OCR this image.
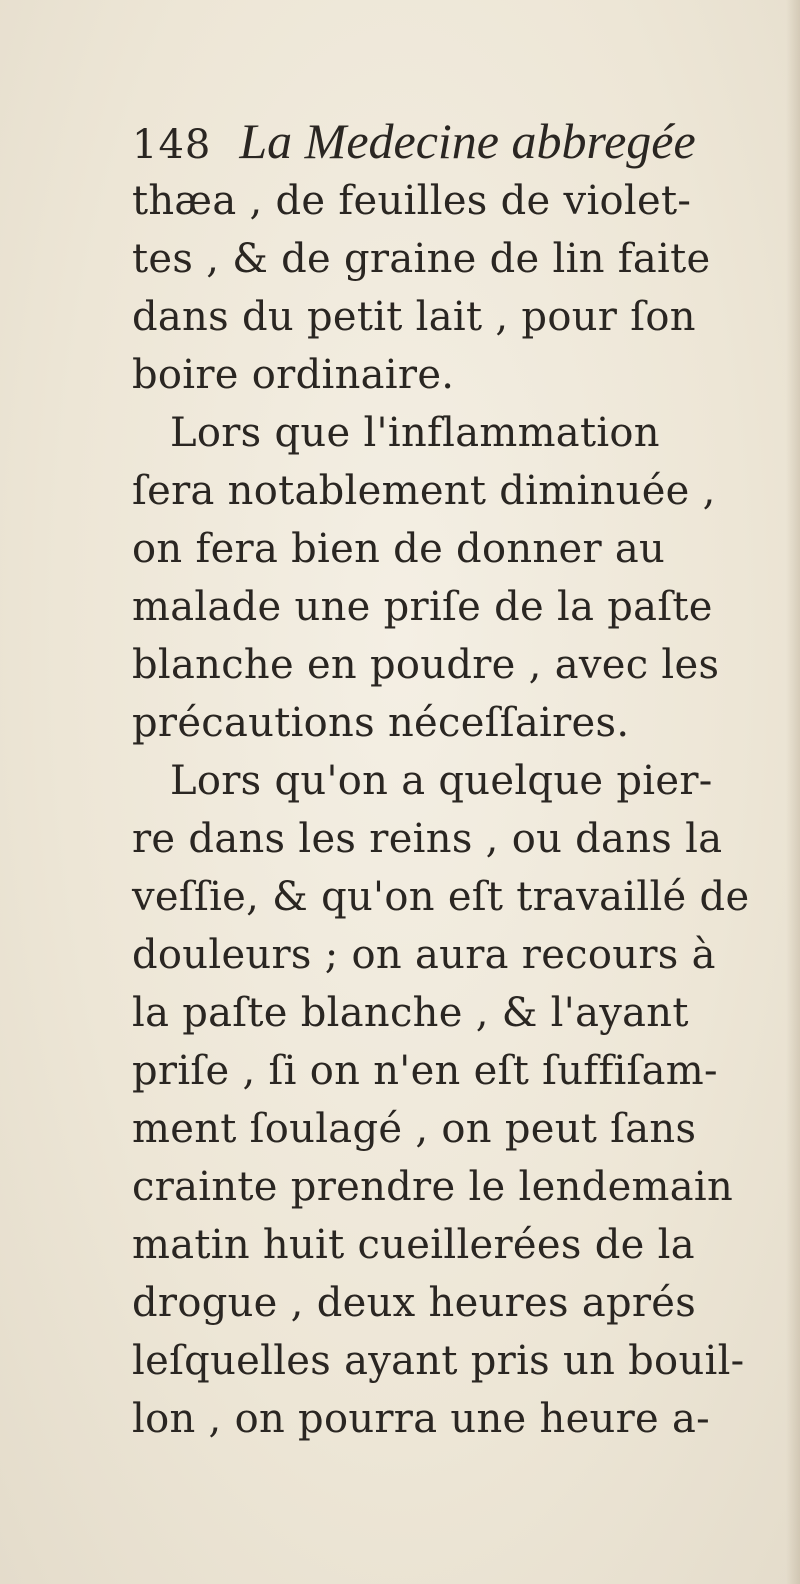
148 La Medecine abbregée
thæa , de feuilles de violet-
tes , & de graine de lin faite
dans du petit lait , pour ſon
boire ordinaire.
Lors que l'inflammation
ſera notablement diminuée ,
on fera bien de donner au
malade une priſe de la paſte
blanche en poudre , avec les
précautions néceſſaires.
Lors qu'on a quelque pier-
re dans les reins , ou dans la
veſſie, & qu'on eſt travaillé de
douleurs ; on aura recours à
la paſte blanche , & l'ayant
priſe , ſi on n'en eſt ſuffiſam-
ment ſoulagé , on peut ſans
crainte prendre le lendemain
matin huit cueillerées de la
drogue , deux heures aprés
leſquelles ayant pris un bouil-
lon , on pourra une heure a-
